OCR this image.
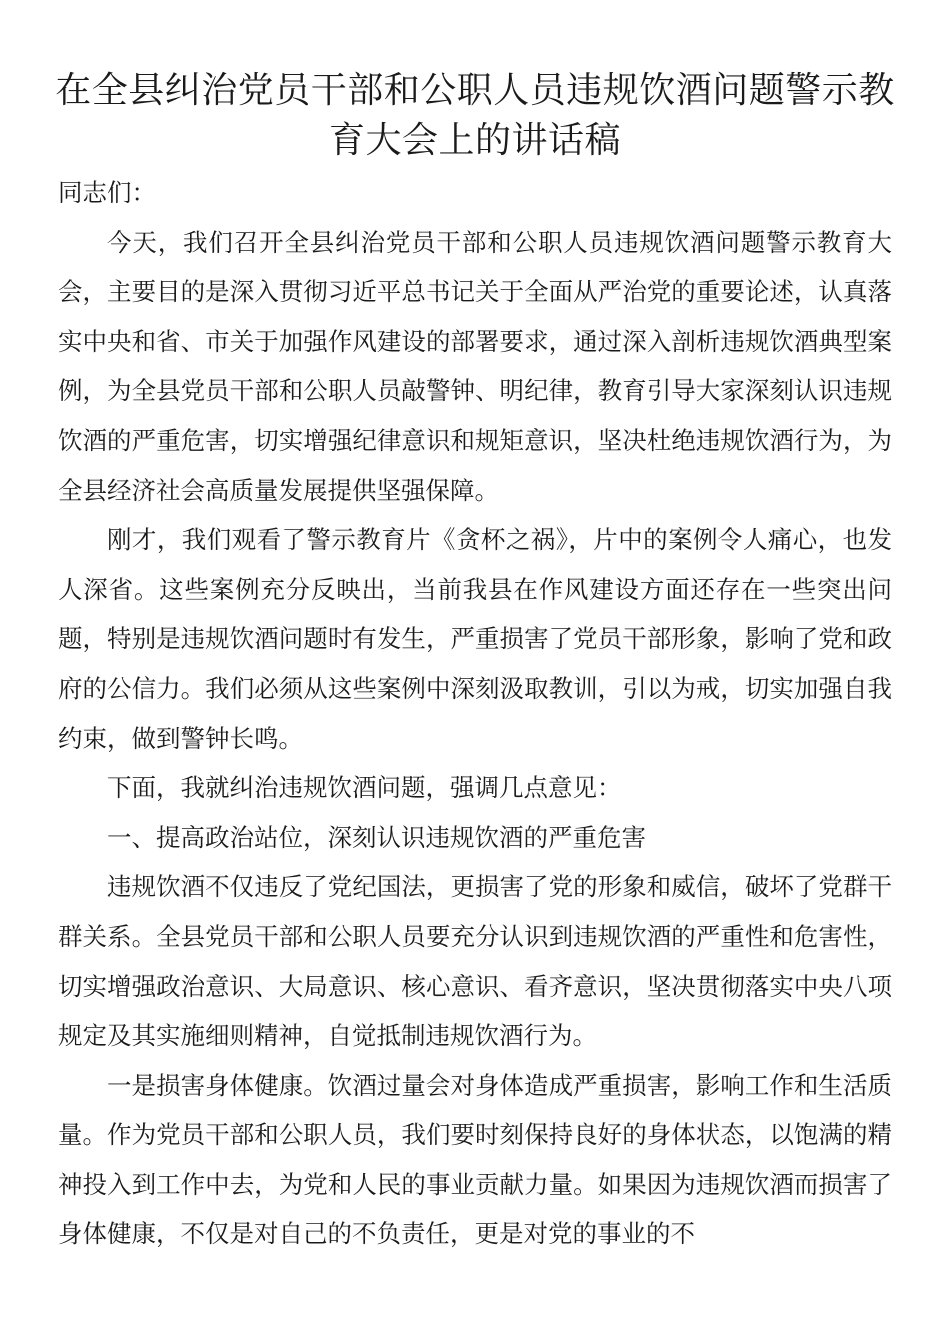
在全县纠治党员干部和公职人员违规饮酒问题警示教育大会上的讲话稿

同志们：

今天，我们召开全县纠治党员干部和公职人员违规饮酒问题警示教育大会，主要目的是深入贯彻习近平总书记关于全面从严治党的重要论述，认真落实中央和省、市关于加强作风建设的部署要求，通过深入剖析违规饮酒典型案例，为全县党员干部和公职人员敲警钟、明纪律，教育引导大家深刻认识违规饮酒的严重危害，切实增强纪律意识和规矩意识，坚决杜绝违规饮酒行为，为全县经济社会高质量发展提供坚强保障。

刚才，我们观看了警示教育片《贪杯之祸》，片中的案例令人痛心，也发人深省。这些案例充分反映出，当前我县在作风建设方面还存在一些突出问题，特别是违规饮酒问题时有发生，严重损害了党员干部形象，影响了党和政府的公信力。我们必须从这些案例中深刻汲取教训，引以为戒，切实加强自我约束，做到警钟长鸣。

下面，我就纠治违规饮酒问题，强调几点意见：

一、提高政治站位，深刻认识违规饮酒的严重危害

违规饮酒不仅违反了党纪国法，更损害了党的形象和威信，破坏了党群干群关系。全县党员干部和公职人员要充分认识到违规饮酒的严重性和危害性，切实增强政治意识、大局意识、核心意识、看齐意识，坚决贯彻落实中央八项规定及其实施细则精神，自觉抵制违规饮酒行为。

一是损害身体健康。饮酒过量会对身体造成严重损害，影响工作和生活质量。作为党员干部和公职人员，我们要时刻保持良好的身体状态，以饱满的精神投入到工作中去，为党和人民的事业贡献力量。如果因为违规饮酒而损害了身体健康，不仅是对自己的不负责任，更是对党的事业的不
